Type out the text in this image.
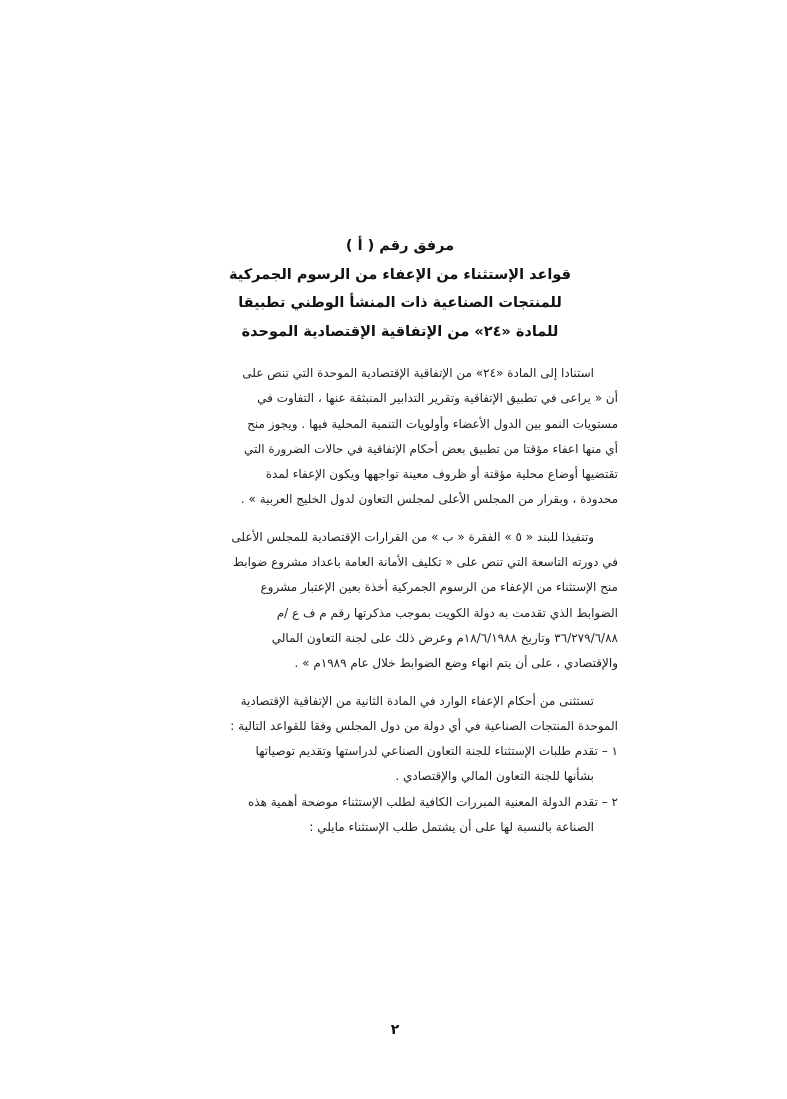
مرفق رقم ( أ )
قواعد الإستثناء من الإعفاء من الرسوم الجمركية
للمنتجات الصناعية ذات المنشأ الوطني تطبيقا
للمادة «٢٤» من الإتفاقية الإقتصادية الموحدة
استنادا إلى المادة «٢٤» من الإتفاقية الإقتصادية الموحدة التي تنص على
أن « يراعى في تطبيق الإتفاقية وتقرير التدابير المنبثقة عنها ، التفاوت في
مستويات النمو بين الدول الأعضاء وأولويات التنمية المحلية فيها . ويجوز منح
أي منها اعفاء مؤقتا من تطبيق بعض أحكام الإتفاقية في حالات الضرورة التي
تقتضيها أوضاع محلية مؤقتة أو ظروف معينة تواجهها ويكون الإعفاء لمدة
محدودة ، وبقرار من المجلس الأعلى لمجلس التعاون لدول الخليج العربية » .
وتنفيذا للبند « ٥ » الفقرة « ب » من القرارات الإقتصادية للمجلس الأعلى
في دورته التاسعة التي تنص على « تكليف الأمانة العامة باعداد مشروع ضوابط
منح الإستثناء من الإعفاء من الرسوم الجمركية أخذة بعين الإعتبار مشروع
الضوابط الذي تقدمت به دولة الكويت بموجب مذكرتها رقم م ف ع /م
٣٦/٢٧٩/٦/٨٨ وتاريخ ١٨/٦/١٩٨٨م وعرض ذلك على لجنة التعاون المالي
والإقتصادي ، على أن يتم انهاء وضع الضوابط خلال عام ١٩٨٩م » .
تستثنى من أحكام الإعفاء الوارد في المادة الثانية من الإتفاقية الإقتصادية
الموحدة المنتجات الصناعية في أي دولة من دول المجلس وفقا للقواعد التالية :
١ – تقدم طلبات الإستثناء للجنة التعاون الصناعي لدراستها وتقديم توصياتها
بشأنها للجنة التعاون المالي والإقتصادي .
٢ – تقدم الدولة المعنية المبررات الكافية لطلب الإستثناء موضحة أهمية هذه
الصناعة بالنسبة لها على أن يشتمل طلب الإستثناء مايلي :
٢
